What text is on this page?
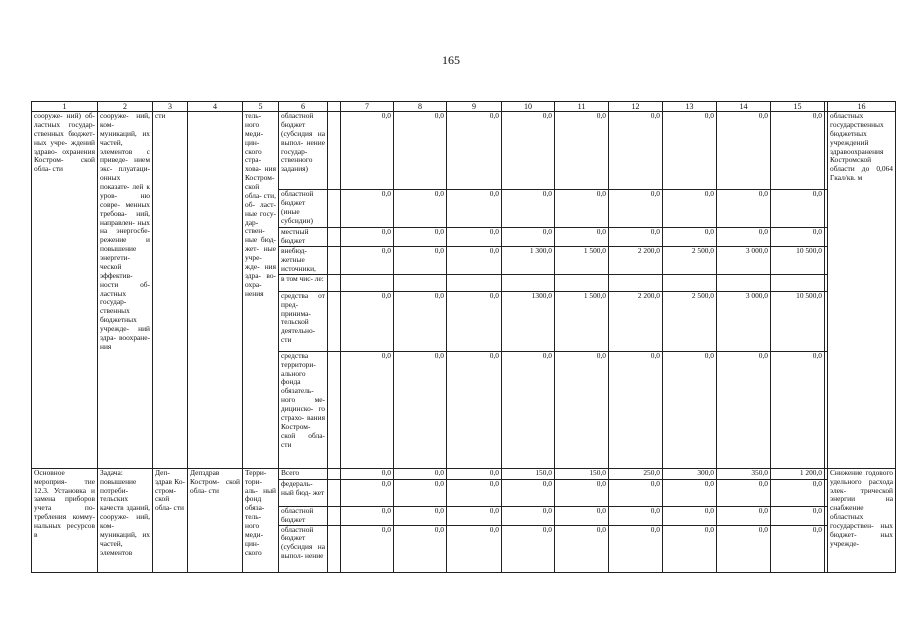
165
1	2	3	4	5	6		7	8	9	10	11	12	13	14	15		16
сооруже- ний) об- ластных государ- ственных бюджет- ных учре- ждений здраво- охранения Костром- ской обла- сти	сооруже- ний, ком- муникаций, их частей, элементов с приведе- нием экс- плуатаци- онных показате- лей к уров- ню совре- менных требова- ний, направлен- ных на энергосбе- режение и повышение энергети- ческой эффектив- ности об- ластных государ- ственных бюджетных учрежде- ний здра- воохране- ния	сти		тель- ного меди- цин- ского стра- хова- ния Костром- ской обла- сти, об- ласт- ные госу- дар- ствен- ные бюд- жет- ные учре- жде- ния здра- во- охра- нения	областной бюджет (субсидия на выпол- нение государ- ственного задания)		0,0	0,0	0,0	0,0	0,0	0,0	0,0	0,0	0,0		областных государственных бюджетных учреждений здравоохранения Костромской области до 0,064 Гкал/кв. м
					областной бюджет (иные субсидии)		0,0	0,0	0,0	0,0	0,0	0,0	0,0	0,0	0,0		
					местный бюджет		0,0	0,0	0,0	0,0	0,0	0,0	0,0	0,0	0,0		
					внебюд- жетные источники,		0,0	0,0	0,0	1 300,0	1 500,0	2 200,0	2 500,0	3 000,0	10 500,0		
					в том чис- ле:												
					средства от пред- принима- тельской деятельно- сти		0,0	0,0	0,0	1300,0	1 500,0	2 200,0	2 500,0	3 000,0	10 500,0		
					средства территори- ального фонда обязатель- ного ме- дицинско- го страхо- вания Костром- ской обла- сти		0,0	0,0	0,0	0,0	0,0	0,0	0,0	0,0	0,0		
Основное мероприя- тие 12.3. Установка и замена приборов учета по- требления комму- нальных ресурсов в	Задача: повышение потреби- тельских качеств зданий, сооруже- ний, ком- муникаций, их частей, элементов	Деп- здрав Ко- стром- ской обла- сти	Депздрав Костром- ской обла- сти	Терри- тори- аль- ный фонд обяза- тель- ного меди- цин- ского	Всего		0,0	0,0	0,0	150,0	150,0	250,0	300,0	350,0	1 200,0		Снижение годового удельного расхода элек- трической энергии на снабжение областных государствен- ных бюджет- ных учрежде-
					федераль- ный бюд- жет		0,0	0,0	0,0	0,0	0,0	0,0	0,0	0,0	0,0		
					областной бюджет		0,0	0,0	0,0	0,0	0,0	0,0	0,0	0,0	0,0		
					областной бюджет (субсидия на выпол- нение		0,0	0,0	0,0	0,0	0,0	0,0	0,0	0,0	0,0		
